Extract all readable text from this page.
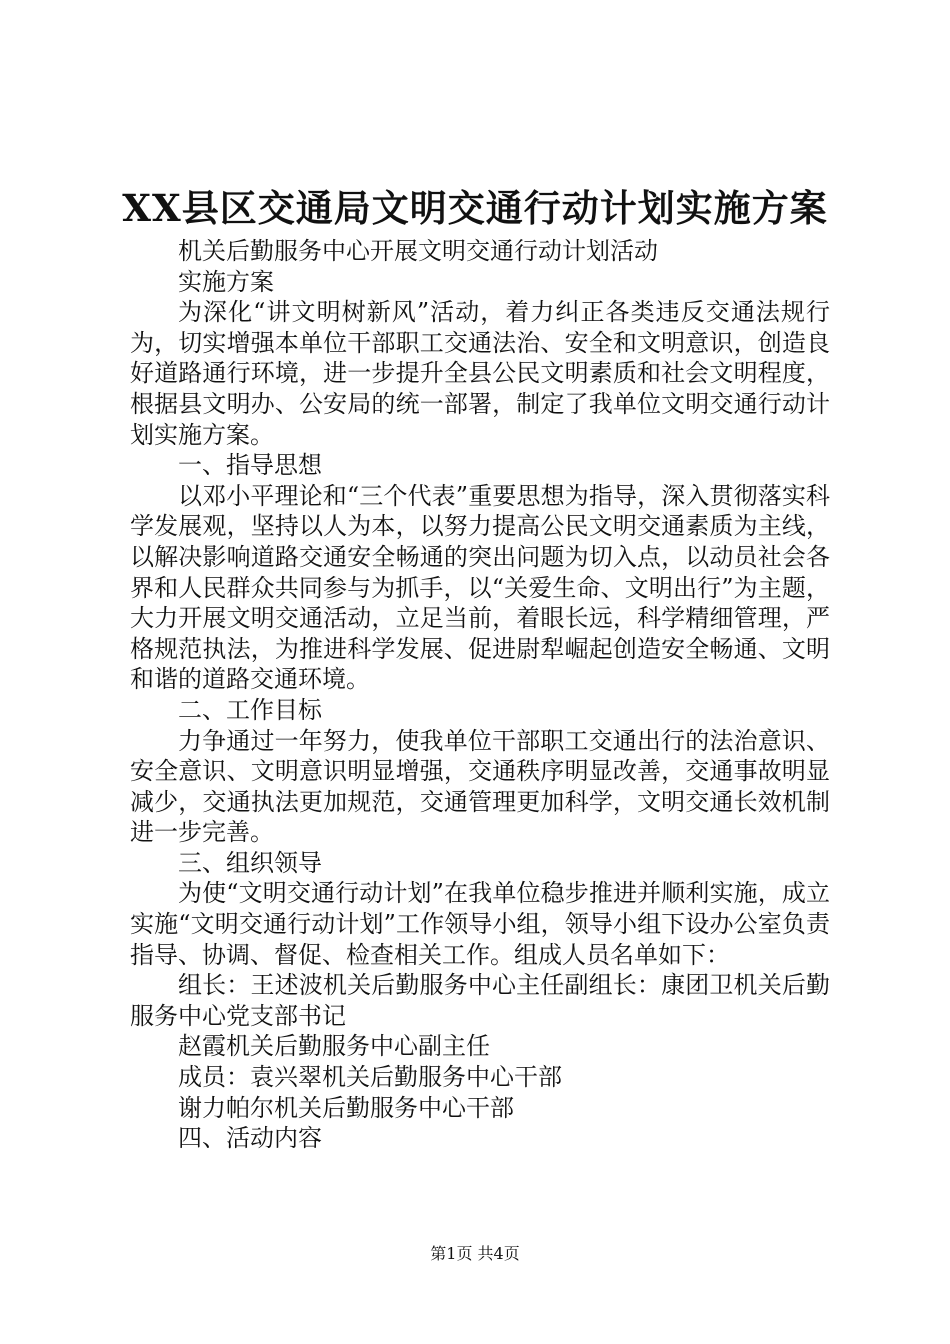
XX县区交通局文明交通行动计划实施方案

机关后勤服务中心开展文明交通行动计划活动

实施方案

为深化“讲文明树新风”活动，着力纠正各类违反交通法规行为，切实增强本单位干部职工交通法治、安全和文明意识，创造良好道路通行环境，进一步提升全县公民文明素质和社会文明程度，根据县文明办、公安局的统一部署，制定了我单位文明交通行动计划实施方案。

一、指导思想

以邓小平理论和“三个代表”重要思想为指导，深入贯彻落实科学发展观，坚持以人为本，以努力提高公民文明交通素质为主线，以解决影响道路交通安全畅通的突出问题为切入点，以动员社会各界和人民群众共同参与为抓手，以“关爱生命、文明出行”为主题，大力开展文明交通活动，立足当前，着眼长远，科学精细管理，严格规范执法，为推进科学发展、促进尉犁崛起创造安全畅通、文明和谐的道路交通环境。

二、工作目标

力争通过一年努力，使我单位干部职工交通出行的法治意识、安全意识、文明意识明显增强，交通秩序明显改善，交通事故明显减少，交通执法更加规范，交通管理更加科学，文明交通长效机制进一步完善。

三、组织领导

为使“文明交通行动计划”在我单位稳步推进并顺利实施，成立实施“文明交通行动计划”工作领导小组，领导小组下设办公室负责指导、协调、督促、检查相关工作。组成人员名单如下：

组长：王述波机关后勤服务中心主任副组长：康团卫机关后勤服务中心党支部书记

赵霞机关后勤服务中心副主任

成员：袁兴翠机关后勤服务中心干部

谢力帕尔机关后勤服务中心干部

四、活动内容

第1页 共4页
